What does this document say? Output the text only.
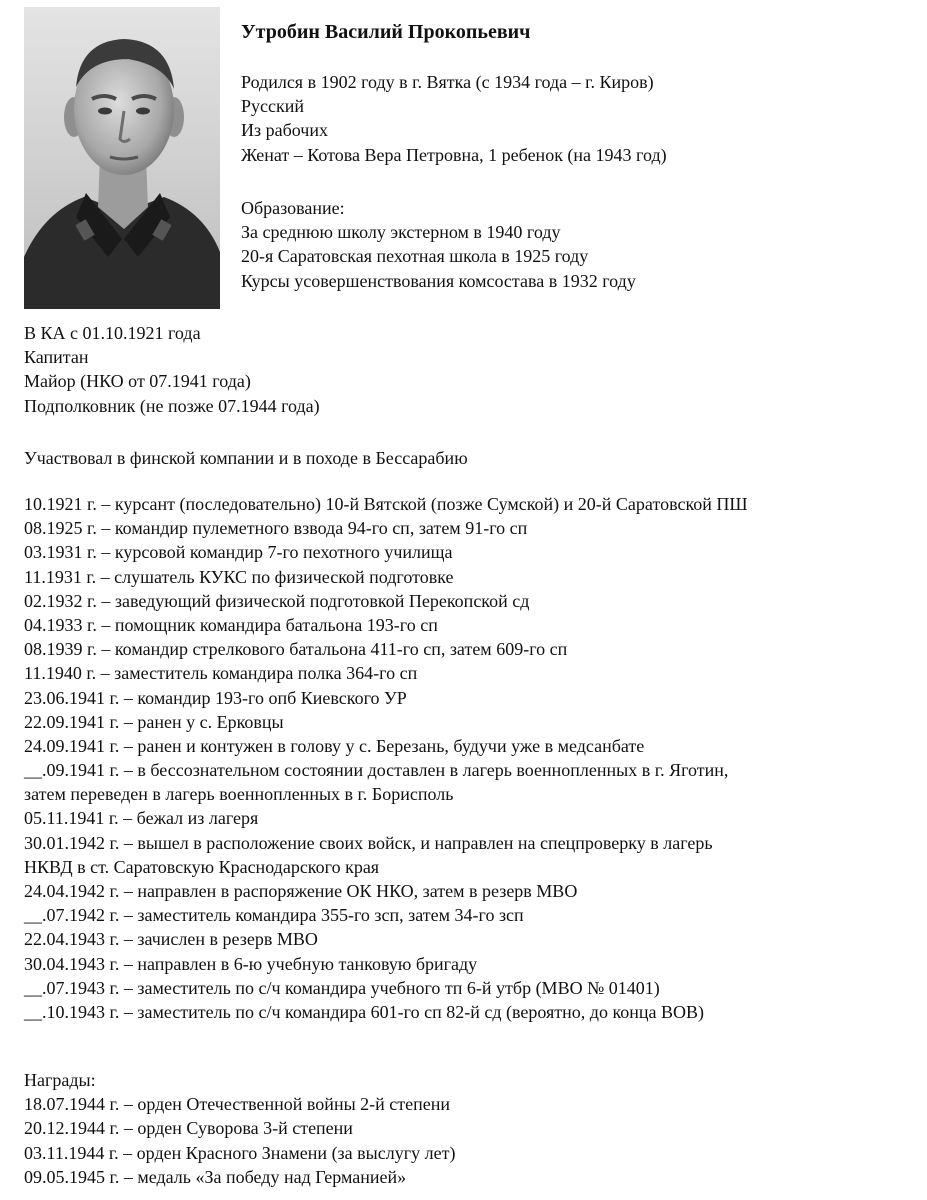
Утробин Василий Прокопьевич
Родился в 1902 году в г. Вятка (с 1934 года – г. Киров)
Русский
Из рабочих
Женат – Котова Вера Петровна, 1 ребенок (на 1943 год)
Образование:
За среднюю школу экстерном в 1940 году
20-я Саратовская пехотная школа в 1925 году
Курсы усовершенствования комсостава в 1932 году
В КА с 01.10.1921 года
Капитан
Майор (НКО от 07.1941 года)
Подполковник (не позже 07.1944 года)
Участвовал в финской компании и в походе в Бессарабию
10.1921 г. – курсант (последовательно) 10-й Вятской (позже Сумской) и 20-й Саратовской ПШ
08.1925 г. – командир пулеметного взвода 94-го сп, затем 91-го сп
03.1931 г. – курсовой командир 7-го пехотного училища
11.1931 г. – слушатель КУКС по физической подготовке
02.1932 г. – заведующий физической подготовкой Перекопской сд
04.1933 г. – помощник командира батальона 193-го сп
08.1939 г. – командир стрелкового батальона 411-го сп, затем 609-го сп
11.1940 г. – заместитель командира полка 364-го сп
23.06.1941 г. – командир 193-го опб Киевского УР
22.09.1941 г. – ранен у с. Ерковцы
24.09.1941 г. – ранен и контужен в голову у с. Березань, будучи уже в медсанбате
__.09.1941 г. – в бессознательном состоянии доставлен в лагерь военнопленных в г. Яготин,
затем переведен в лагерь военнопленных в г. Борисполь
05.11.1941 г. – бежал из лагеря
30.01.1942 г. – вышел в расположение своих войск, и направлен на спецпроверку в лагерь
НКВД в ст. Саратовскую Краснодарского края
24.04.1942 г. – направлен в распоряжение ОК НКО, затем в резерв МВО
__.07.1942 г. – заместитель командира 355-го зсп, затем 34-го зсп
22.04.1943 г. – зачислен в резерв МВО
30.04.1943 г. – направлен в 6-ю учебную танковую бригаду
__.07.1943 г. – заместитель по с/ч командира учебного тп 6-й утбр (МВО № 01401)
__.10.1943 г. – заместитель по с/ч командира 601-го сп 82-й сд (вероятно, до конца ВОВ)
Награды:
18.07.1944 г. – орден Отечественной войны 2-й степени
20.12.1944 г. – орден Суворова 3-й степени
03.11.1944 г. – орден Красного Знамени (за выслугу лет)
09.05.1945 г. – медаль «За победу над Германией»
